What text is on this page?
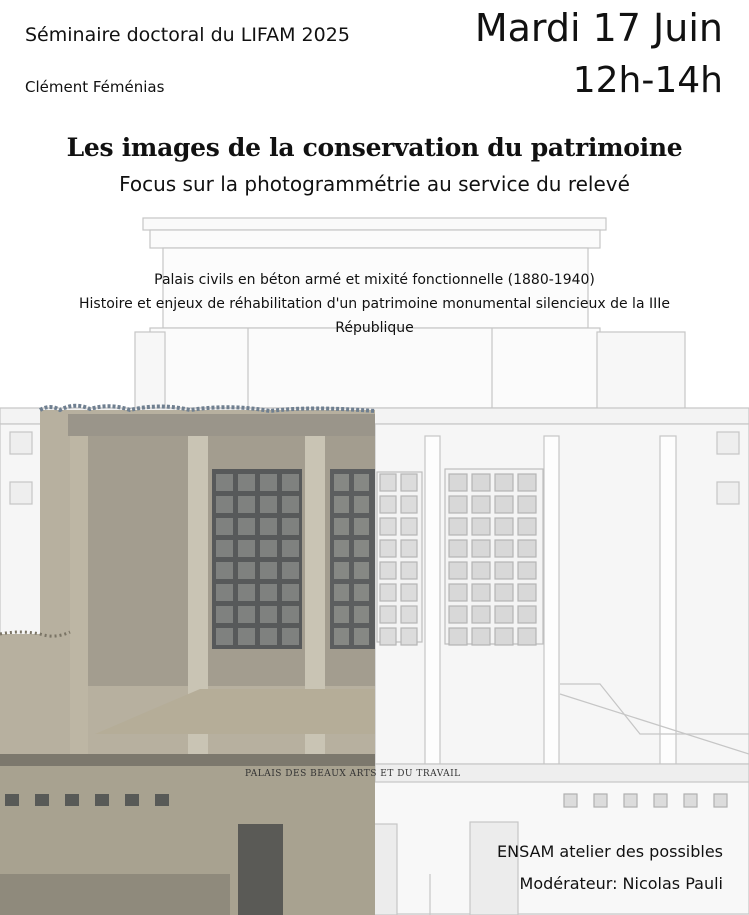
Séminaire doctoral du LIFAM 2025
Clément Féménias
Mardi 17 Juin
12h-14h
Les images de la conservation du patrimoine
Focus sur la photogrammétrie au service du relevé
PALAIS DES BEAUX ARTS ET DU TRAVAIL
Palais civils en béton armé et mixité fonctionnelle (1880-1940)
Histoire et enjeux de réhabilitation d'un patrimoine monumental silencieux de la IIIe
République
ENSAM atelier des possibles
Modérateur: Nicolas Pauli
